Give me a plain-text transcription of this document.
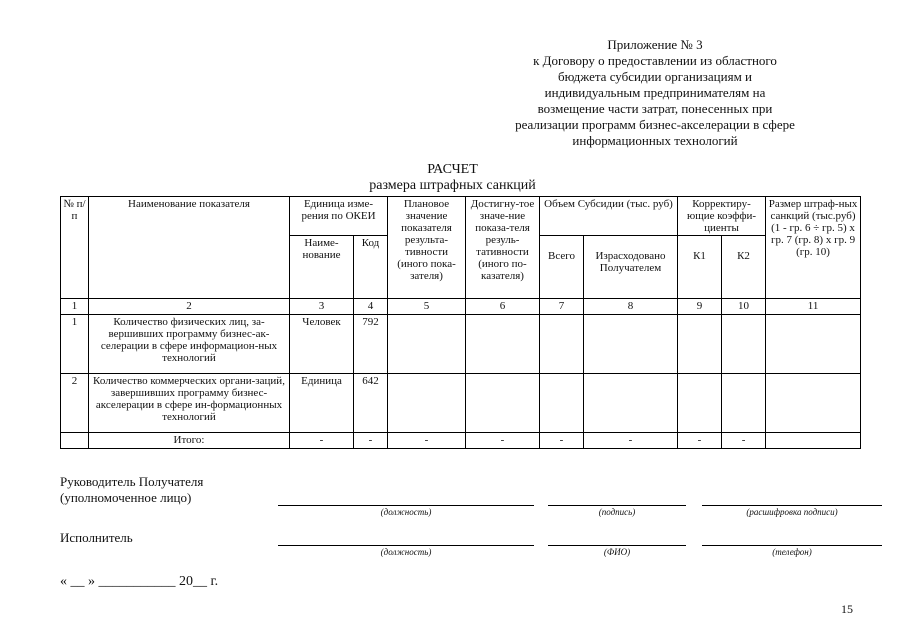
Приложение № 3
к Договору о предоставлении из областного
бюджета субсидии организациям и
индивидуальным предпринимателям на
возмещение части затрат, понесенных при
реализации программ бизнес-акселерации в сфере
информационных технологий
РАСЧЕТ
размера штрафных санкций
№ п/п	Наименование показателя	Единица изме-рения по ОКЕИ		Плановое значение показателя результа-тивности (иного пока-зателя)	Достигну-тое значе-ние показа-теля резуль-тативности (иного по-казателя)	Объем Субсидии (тыс. руб)		Корректиру-ющие коэффи-циенты		Размер штраф-ных санкций (тыс.руб) (1 - гр. 6 ÷ гр. 5) x гр. 7 (гр. 8) x гр. 9 (гр. 10)
		Наиме-нование	Код			Всего	Израсходовано Получателем	К1	К2	
1	2	3	4	5	6	7	8	9	10	11
1	Количество физических лиц, за-вершивших программу бизнес-ак-селерации в сфере информацион-ных технологий	Человек	792							
2	Количество коммерческих органи-заций, завершивших программу бизнес-акселерации в сфере ин-формационных технологий	Единица	642							
	Итого:	-	-	-	-	-	-	-	-	
Руководитель Получателя
(уполномоченное лицо)
(должность)	(подпись)	(расшифровка подписи)
Исполнитель
(должность)	(ФИО)	(телефон)
« __ » ___________ 20__ г.
15
